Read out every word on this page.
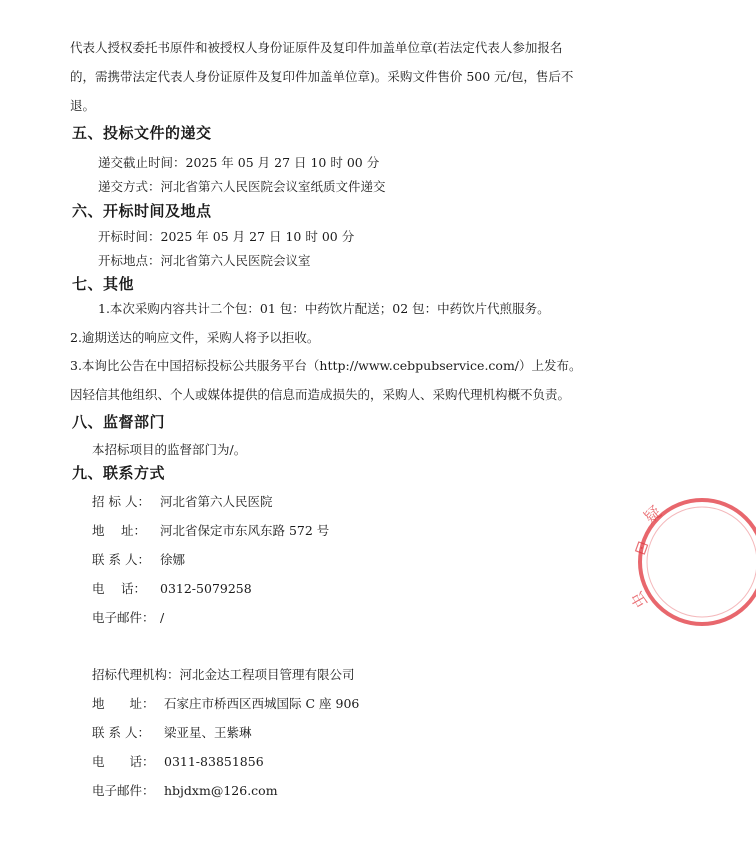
代表人授权委托书原件和被授权人身份证原件及复印件加盖单位章(若法定代表人参加报名
的，需携带法定代表人身份证原件及复印件加盖单位章)。采购文件售价 500 元/包，售后不
退。
五、投标文件的递交
递交截止时间：2025 年 05 月 27 日 10 时 00 分
递交方式：河北省第六人民医院会议室纸质文件递交
六、开标时间及地点
开标时间：2025 年 05 月 27 日 10 时 00 分
开标地点：河北省第六人民医院会议室
七、其他
1.本次采购内容共计二个包：01 包：中药饮片配送；02 包：中药饮片代煎服务。
2.逾期送达的响应文件，采购人将予以拒收。
3.本询比公告在中国招标投标公共服务平台（http://www.cebpubservice.com/）上发布。
因轻信其他组织、个人或媒体提供的信息而造成损失的，采购人、采购代理机构概不负责。
八、监督部门
本招标项目的监督部门为/。
九、联系方式
招 标 人： 河北省第六人民医院
地　 址： 河北省保定市东风东路 572 号
联 系 人： 徐娜
电　 话： 0312-5079258
电子邮件： /
招标代理机构：河北金达工程项目管理有限公司
地　　址： 石家庄市桥西区西城国际 C 座 906
联 系 人： 梁亚星、王紫琳
电　　话： 0311-83851856
电子邮件： hbjdxm@126.com
疑
⊡
虫
